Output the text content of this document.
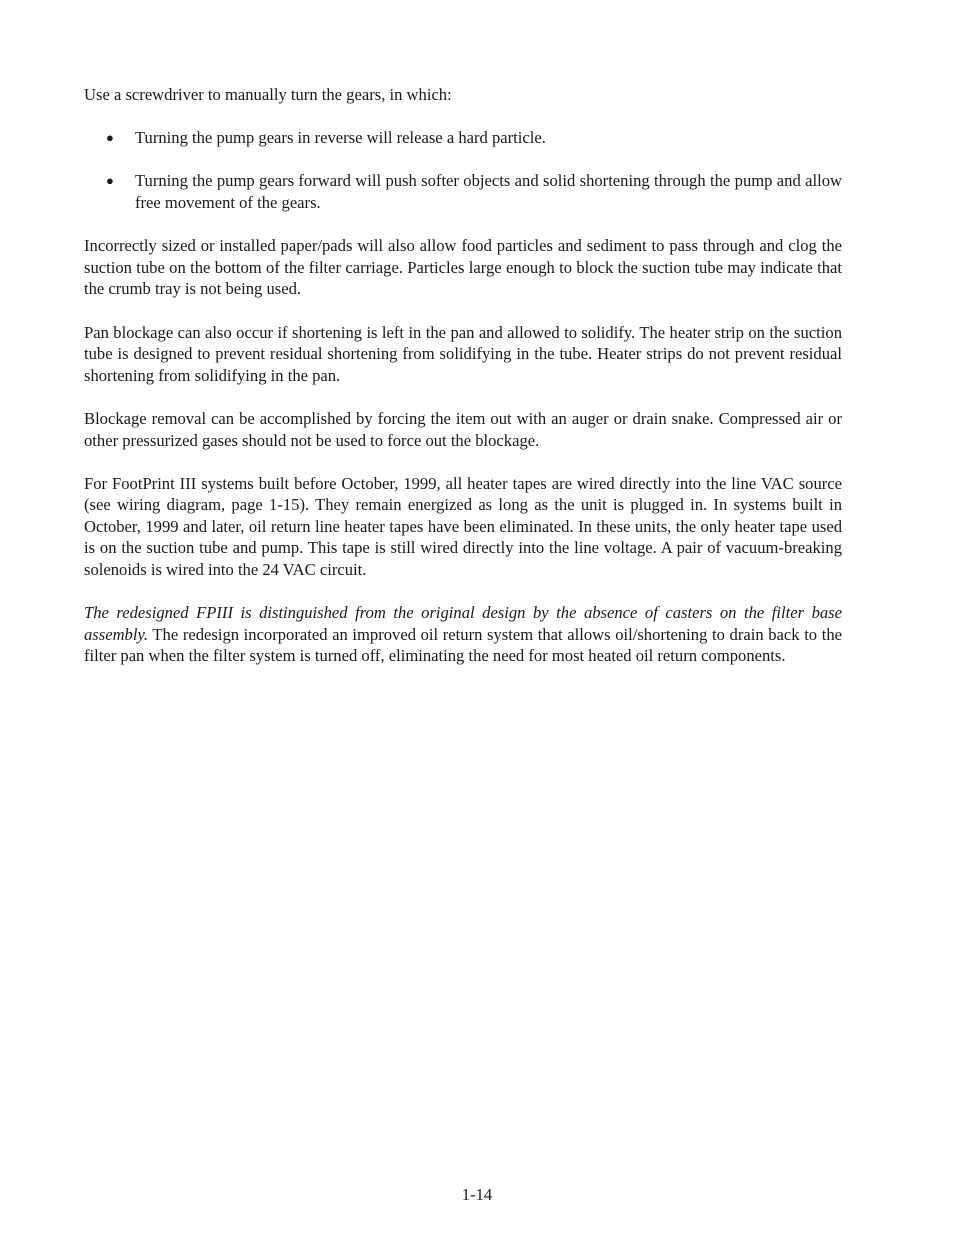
Use a screwdriver to manually turn the gears, in which:

● Turning the pump gears in reverse will release a hard particle.
● Turning the pump gears forward will push softer objects and solid shortening through the pump and allow free movement of the gears.

Incorrectly sized or installed paper/pads will also allow food particles and sediment to pass through and clog the suction tube on the bottom of the filter carriage. Particles large enough to block the suction tube may indicate that the crumb tray is not being used.

Pan blockage can also occur if shortening is left in the pan and allowed to solidify. The heater strip on the suction tube is designed to prevent residual shortening from solidifying in the tube. Heater strips do not prevent residual shortening from solidifying in the pan.

Blockage removal can be accomplished by forcing the item out with an auger or drain snake. Compressed air or other pressurized gases should not be used to force out the blockage.

For FootPrint III systems built before October, 1999, all heater tapes are wired directly into the line VAC source (see wiring diagram, page 1-15). They remain energized as long as the unit is plugged in. In systems built in October, 1999 and later, oil return line heater tapes have been eliminated. In these units, the only heater tape used is on the suction tube and pump. This tape is still wired directly into the line voltage. A pair of vacuum-breaking solenoids is wired into the 24 VAC circuit.

The redesigned FPIII is distinguished from the original design by the absence of casters on the filter base assembly. The redesign incorporated an improved oil return system that allows oil/shortening to drain back to the filter pan when the filter system is turned off, eliminating the need for most heated oil return components.

1-14
